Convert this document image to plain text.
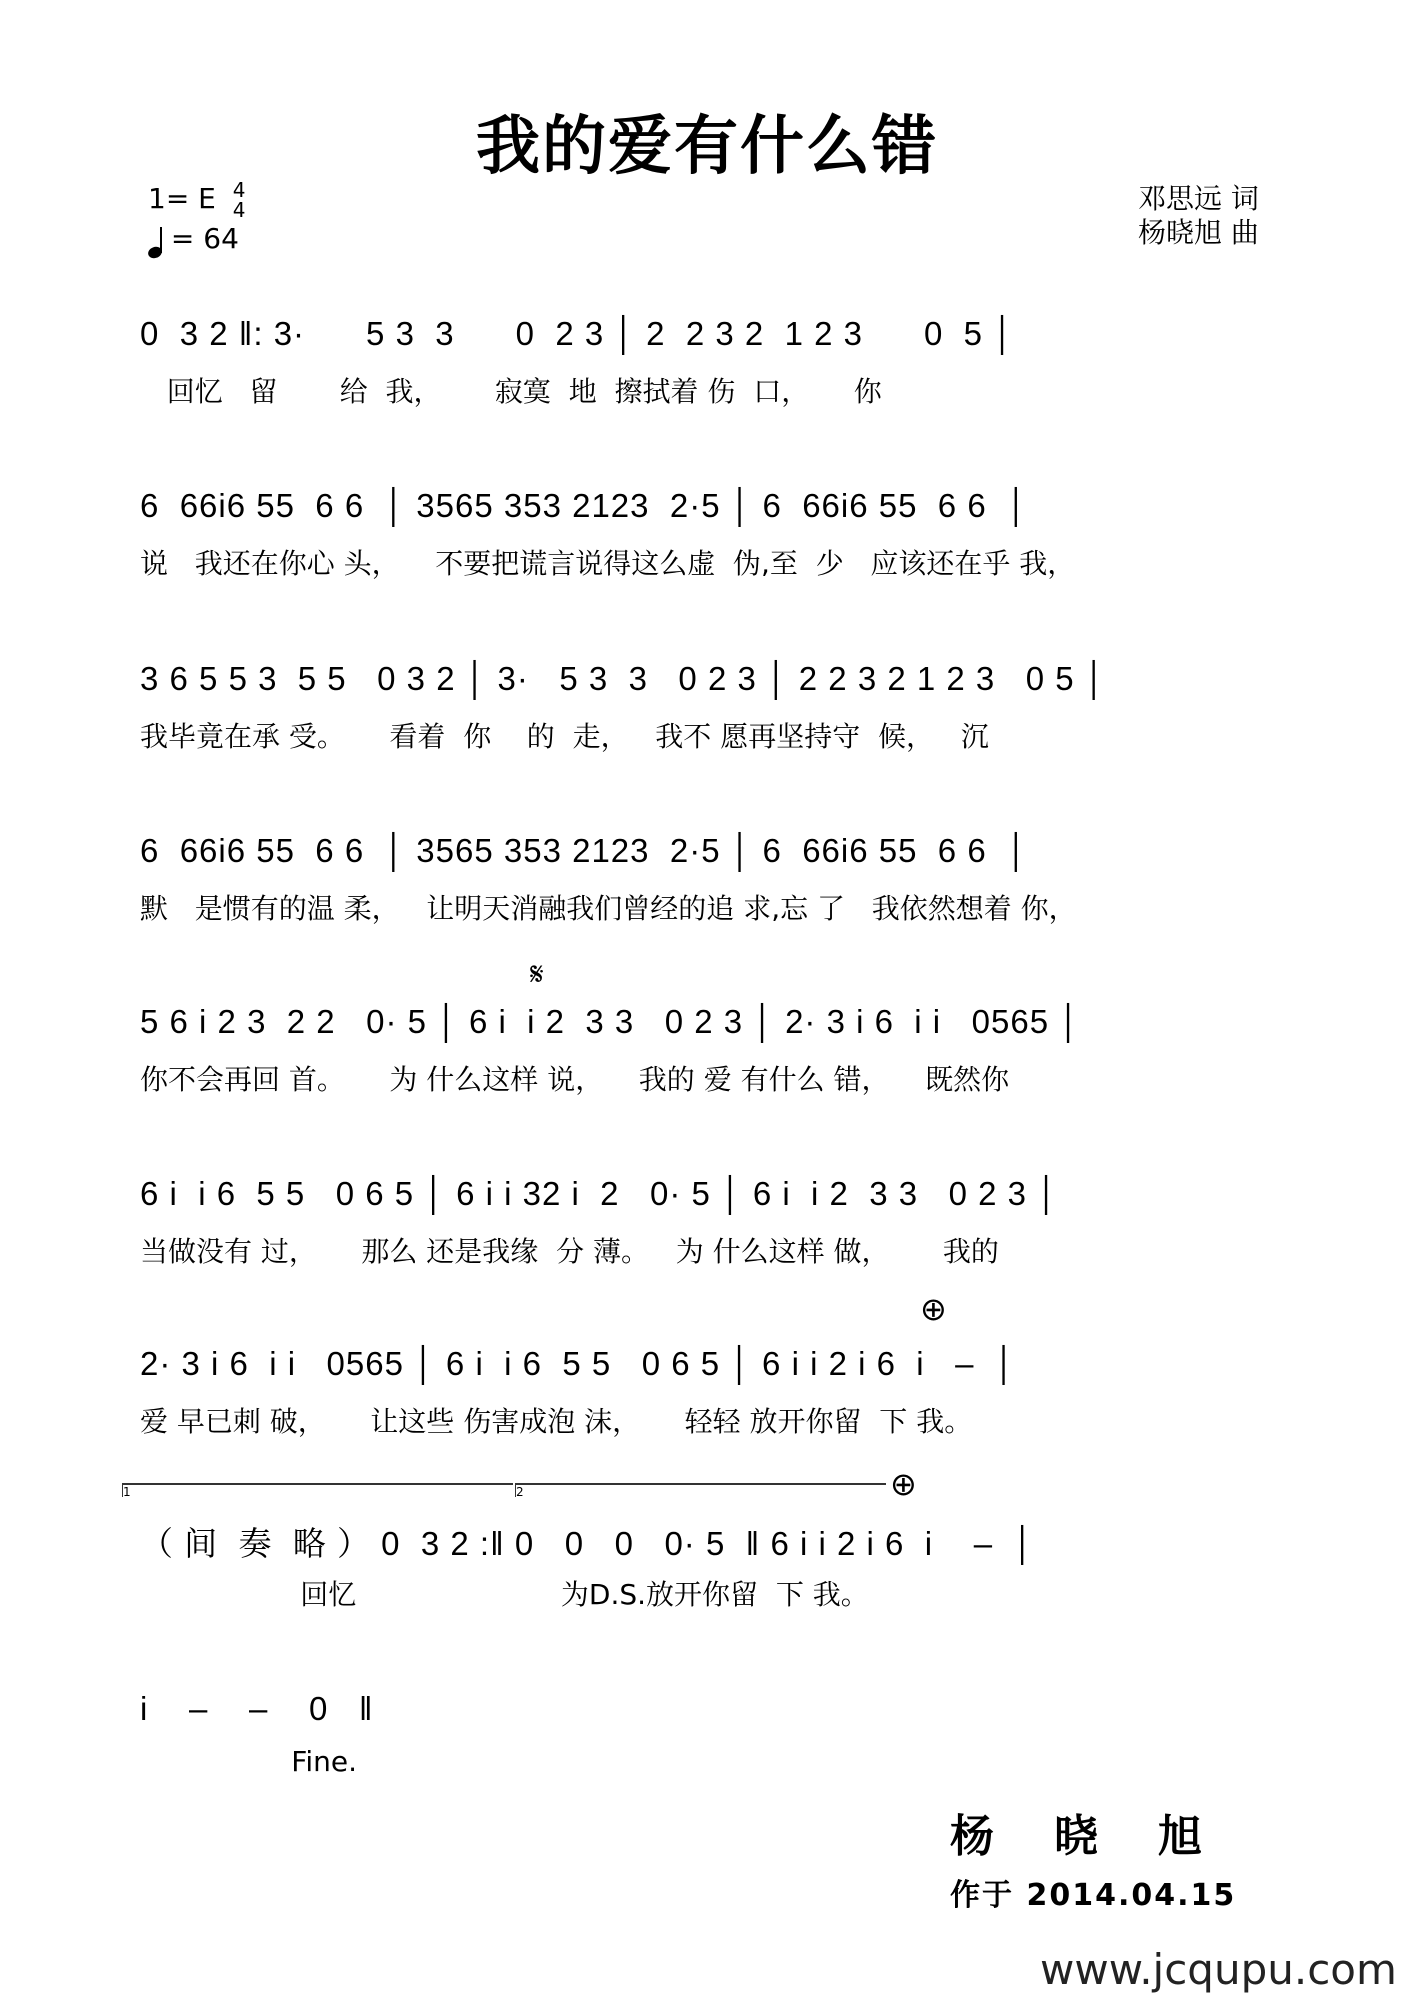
我的爱有什么错
1= E 4
4
= 64
邓思远 词
杨晓旭 曲
0  3 2 ‖: 3·      5 3  3      0  2 3 │ 2  2 3 2  1 2 3      0  5 │
回忆   留       给  我，      寂寞  地  擦拭着 伤  口，     你
6  66i6 55  6 6  │ 3565 353 2123  2·5 │ 6  66i6 55  6 6  │
说   我还在你心 头，    不要把谎言说得这么虚  伪,至  少   应该还在乎 我，
3 6 5 5 3  5 5   0 3 2 │ 3·   5 3  3   0 2 3 │ 2 2 3 2 1 2 3   0 5 │
我毕竟在承 受。     看着  你    的  走，   我不 愿再坚持守  候，   沉
6  66i6 55  6 6  │ 3565 353 2123  2·5 │ 6  66i6 55  6 6  │
默   是惯有的温 柔，   让明天消融我们曾经的追 求,忘 了   我依然想着 你，
𝄋
5 6 i 2 3  2 2   0· 5 │ 6 i  i 2  3 3   0 2 3 │ 2· 3 i 6  i i   0565 │
你不会再回 首。     为 什么这样 说，    我的 爱 有什么 错，    既然你
6 i  i 6  5 5   0 6 5 │ 6 i i 32 i  2   0· 5 │ 6 i  i 2  3 3   0 2 3 │
当做没有 过，     那么 还是我缘  分 薄。   为 什么这样 做，      我的
⊕
2· 3 i 6  i i   0565 │ 6 i  i 6  5 5   0 6 5 │ 6 i i 2 i 6  i   –  │
爱 早已刺 破，     让这些 伤害成泡 沫，     轻轻 放开你留  下 我。
1	2	⊕
（ 间  奏  略 ） 0  3 2 :‖ 0   0   0   0· 5  ‖ 6 i i 2 i 6  i    –  │
回忆                       为D.S.放开你留  下 我。
i    –    –    0   ‖
Fine.
杨晓旭
作于 2014.04.15
www.jcqupu.com
